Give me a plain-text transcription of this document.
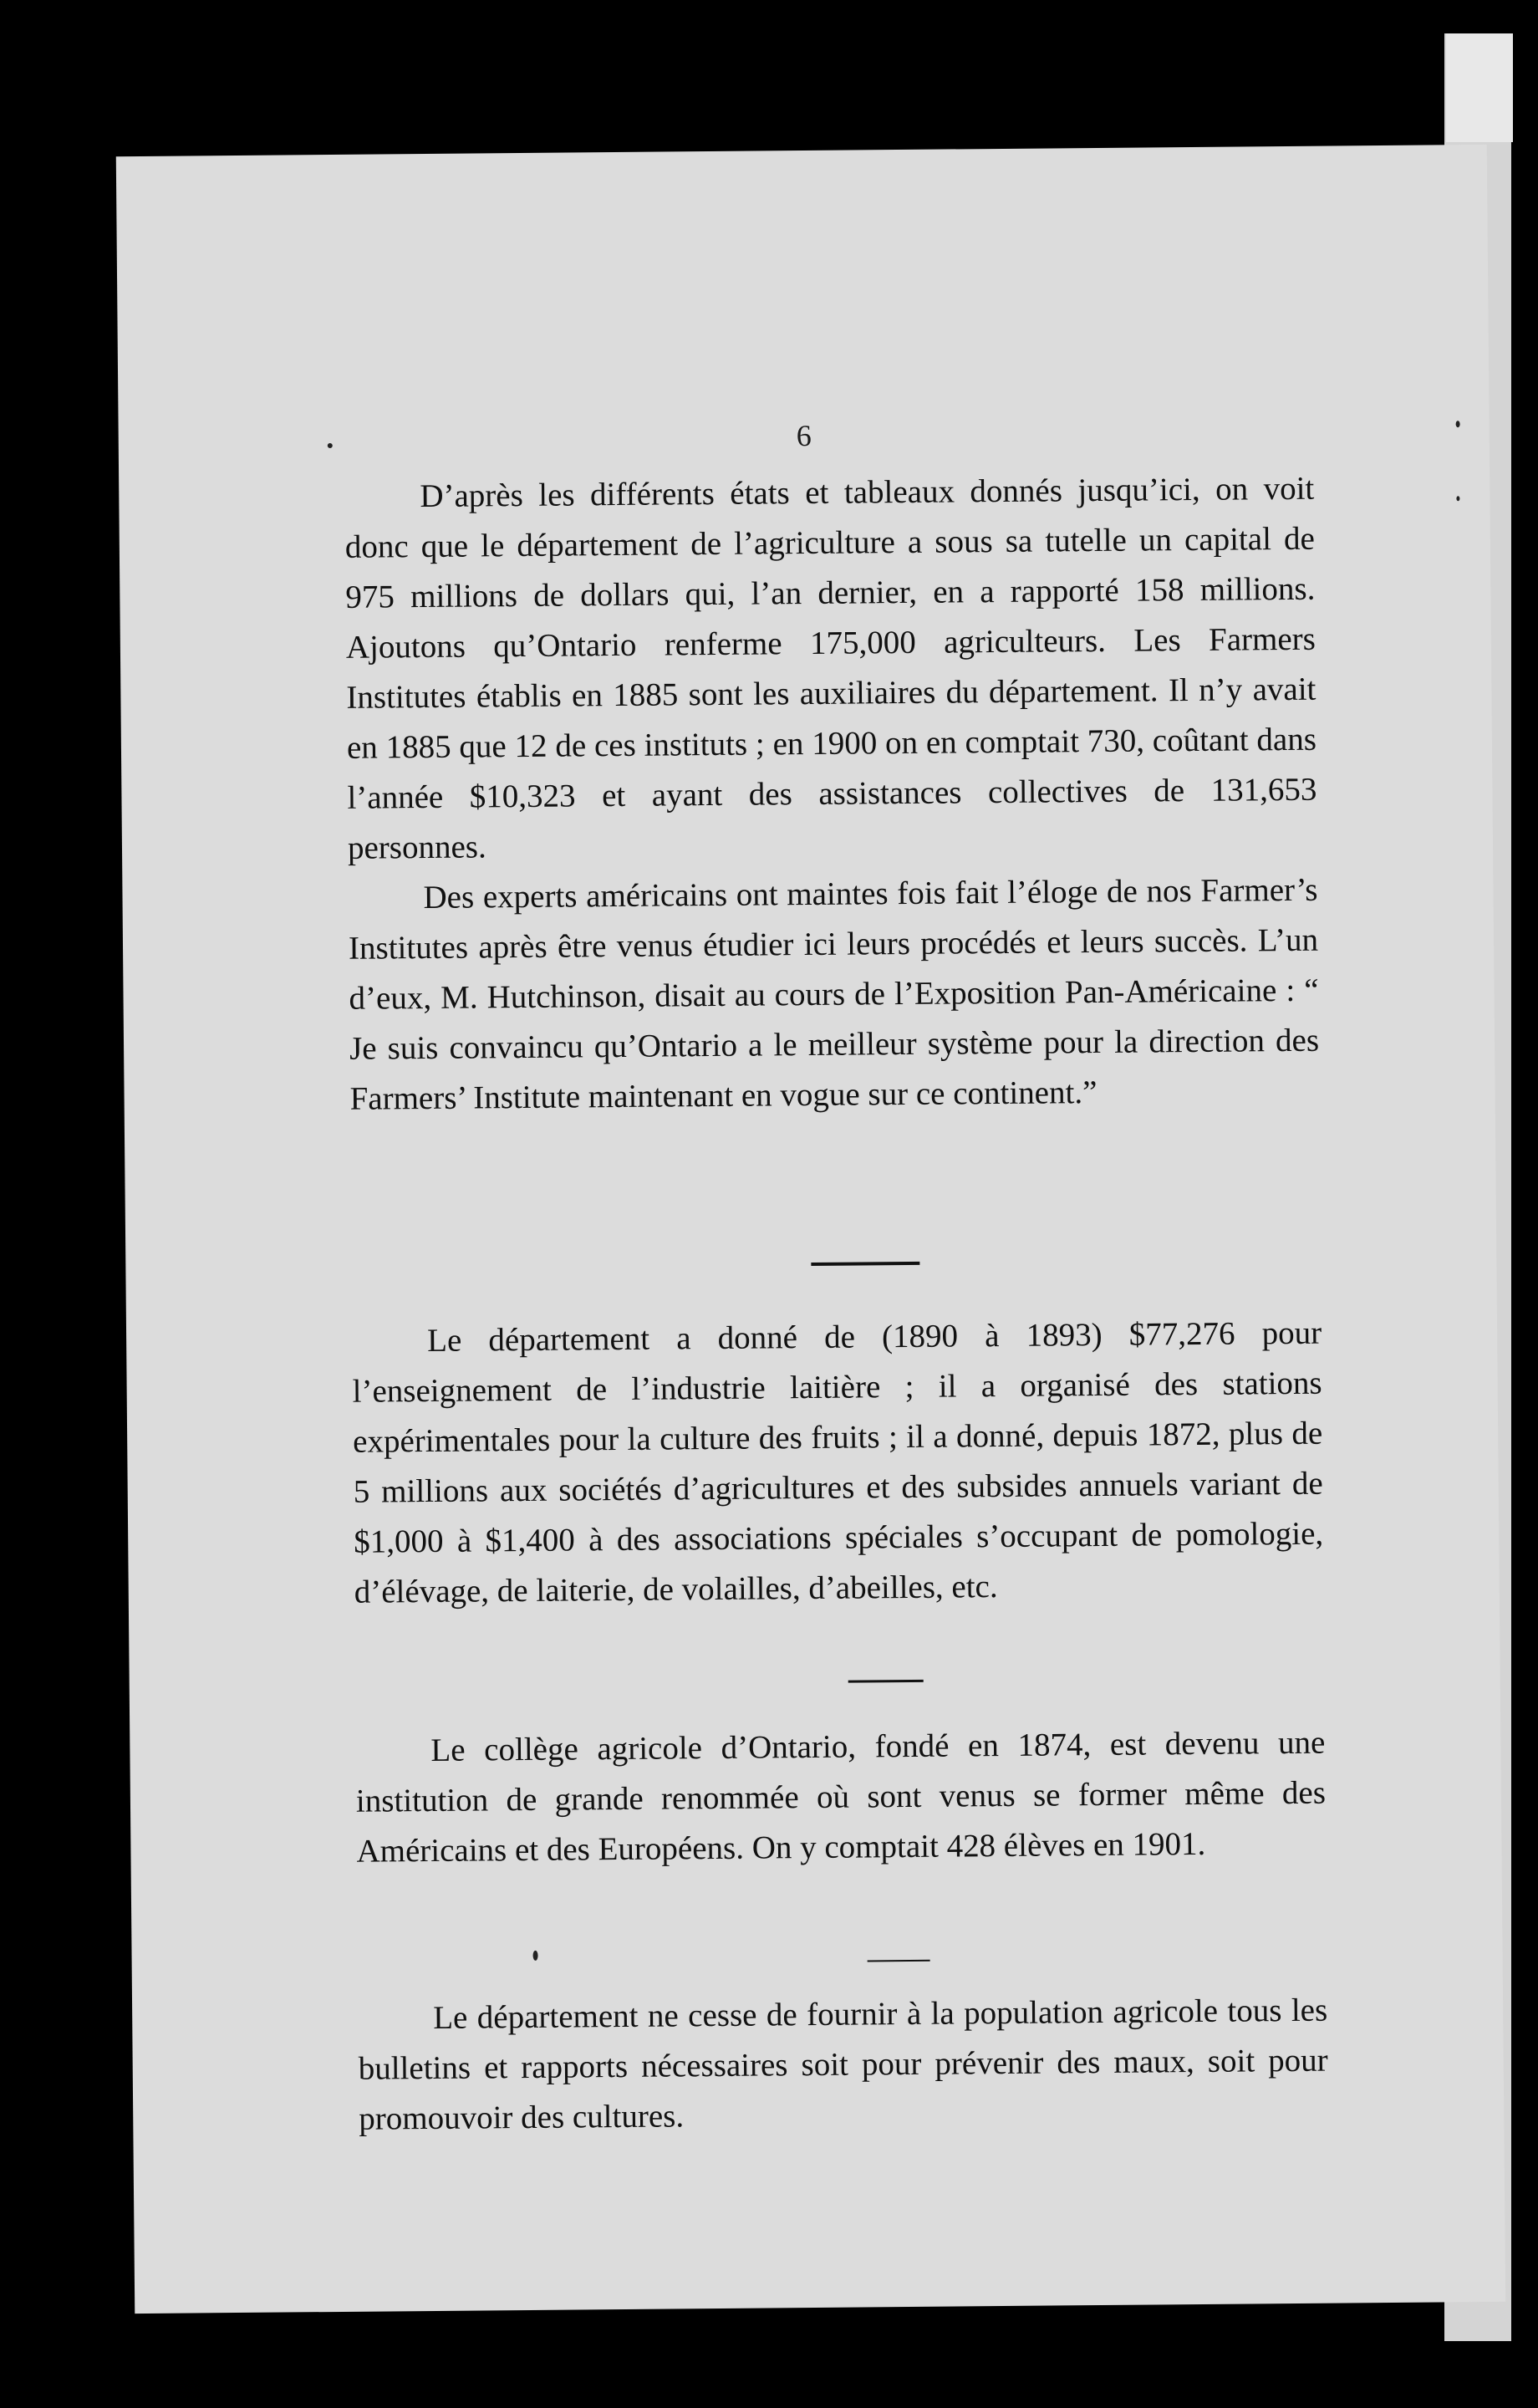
6

D’après les différents états et tableaux donnés jusqu’ici, on voit donc que le département de l’agriculture a sous sa tutelle un capital de 975 millions de dollars qui, l’an dernier, en a rapporté 158 millions. Ajoutons qu’Ontario renferme 175,000 agriculteurs. Les Farmers Institutes établis en 1885 sont les auxiliaires du département. Il n’y avait en 1885 que 12 de ces instituts ; en 1900 on en comptait 730, coûtant dans l’année $10,323 et ayant des assistances collectives de 131,653 personnes.

Des experts américains ont maintes fois fait l’éloge de nos Farmer’s Institutes après être venus étudier ici leurs procédés et leurs succès. L’un d’eux, M. Hutchinson, disait au cours de l’Exposition Pan-Américaine : “ Je suis convaincu qu’Ontario a le meilleur système pour la direction des Farmers’ Institute maintenant en vogue sur ce continent.”

Le département a donné de (1890 à 1893) $77,276 pour l’enseignement de l’industrie laitière ; il a organisé des stations expérimentales pour la culture des fruits ; il a donné, depuis 1872, plus de 5 millions aux sociétés d’agricultures et des subsides annuels variant de $1,000 à $1,400 à des associations spéciales s’occupant de pomologie, d’élévage, de laiterie, de volailles, d’abeilles, etc.

Le collège agricole d’Ontario, fondé en 1874, est devenu une institution de grande renommée où sont venus se former même des Américains et des Européens. On y comptait 428 élèves en 1901.

Le département ne cesse de fournir à la population agricole tous les bulletins et rapports nécessaires soit pour prévenir des maux, soit pour promouvoir des cultures.
